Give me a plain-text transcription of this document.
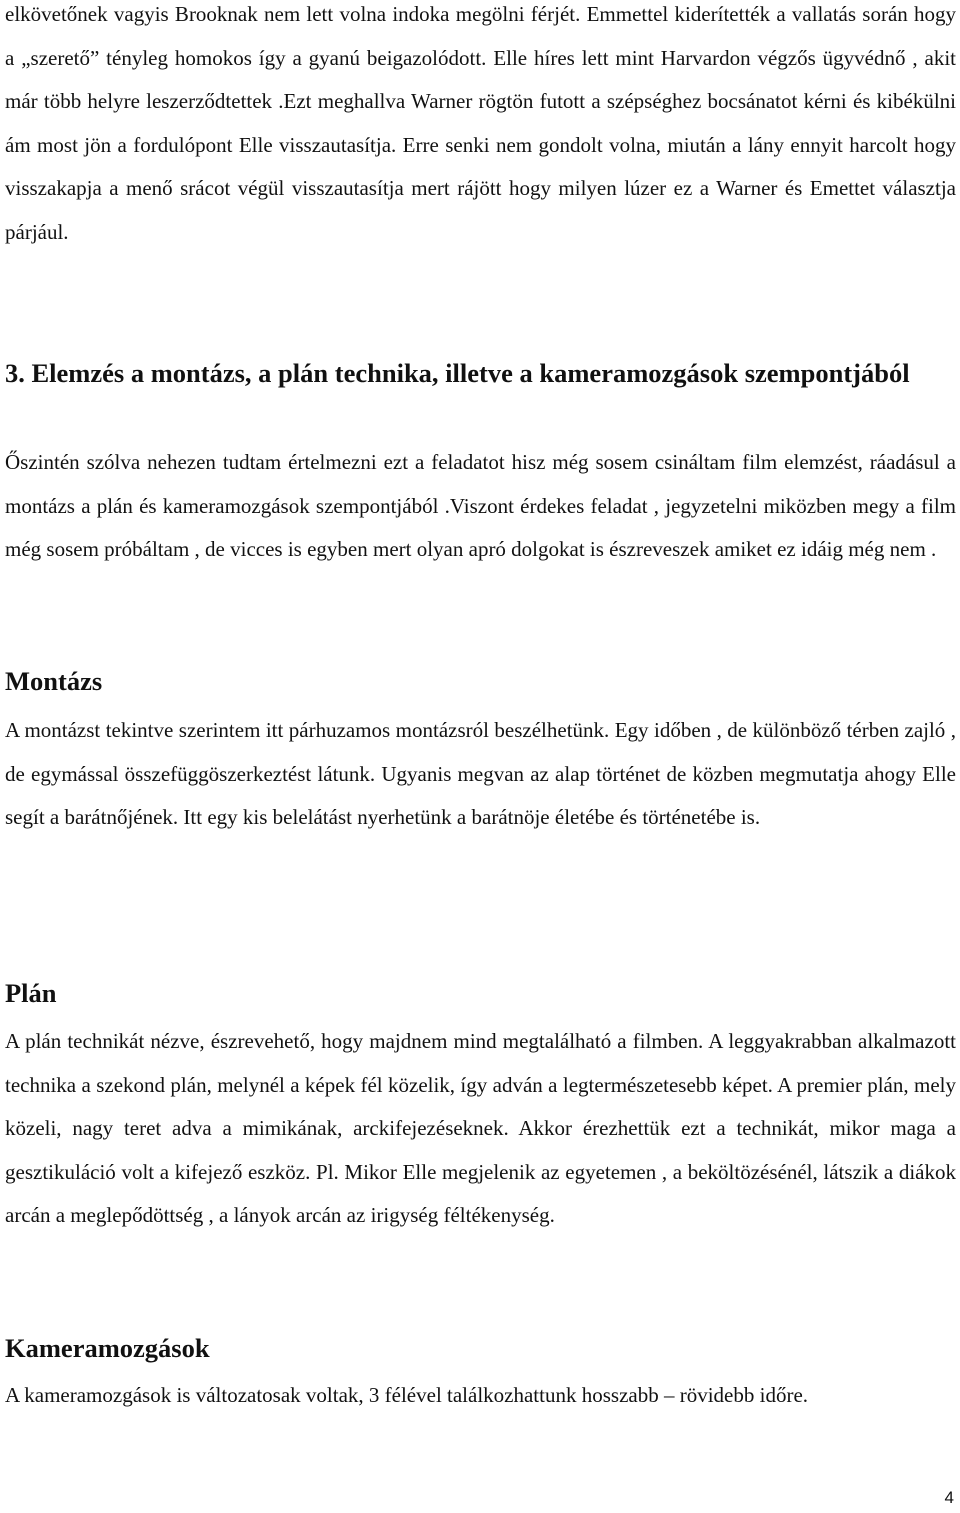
elkövetőnek vagyis Brooknak nem lett volna indoka megölni férjét. Emmettel kiderítették a vallatás során hogy a „szerető” tényleg homokos így a gyanú beigazolódott. Elle híres lett mint Harvardon végzős ügyvédnő , akit már több helyre leszerződtettek .Ezt meghallva Warner rögtön futott a szépséghez bocsánatot kérni és kibékülni ám most jön a fordulópont Elle visszautasítja. Erre senki nem gondolt volna, miután a lány ennyit harcolt hogy visszakapja a menő srácot végül visszautasítja mert rájött hogy milyen lúzer ez a Warner és Emettet választja párjául.

3. Elemzés a montázs, a plán technika, illetve a kameramozgások szempontjából

Őszintén szólva nehezen tudtam értelmezni ezt a feladatot hisz még sosem csináltam film elemzést, ráadásul a montázs a plán és kameramozgások szempontjából .Viszont érdekes feladat , jegyzetelni miközben megy a film még sosem próbáltam , de vicces is egyben mert olyan apró dolgokat is észreveszek amiket ez idáig még nem .

Montázs

A montázst tekintve szerintem itt párhuzamos montázsról beszélhetünk. Egy időben , de különböző térben zajló , de egymással összefüggöszerkeztést látunk. Ugyanis megvan az alap történet de közben megmutatja ahogy Elle segít a barátnőjének. Itt egy kis belelátást nyerhetünk a barátnöje életébe és történetébe is.

Plán

A plán technikát nézve, észrevehető, hogy majdnem mind megtalálható a filmben. A leggyakrabban alkalmazott technika a szekond plán, melynél a képek fél közelik, így adván a legtermészetesebb képet. A premier plán, mely közeli, nagy teret adva a mimikának, arckifejezéseknek. Akkor érezhettük ezt a technikát, mikor maga a gesztikuláció volt a kifejező eszköz. Pl. Mikor Elle megjelenik az egyetemen , a beköltözésénél, látszik a diákok arcán a meglepődöttség , a lányok arcán az irigység féltékenység.

Kameramozgások

A kameramozgások is változatosak voltak, 3 félével találkozhattunk hosszabb – rövidebb időre.

4
